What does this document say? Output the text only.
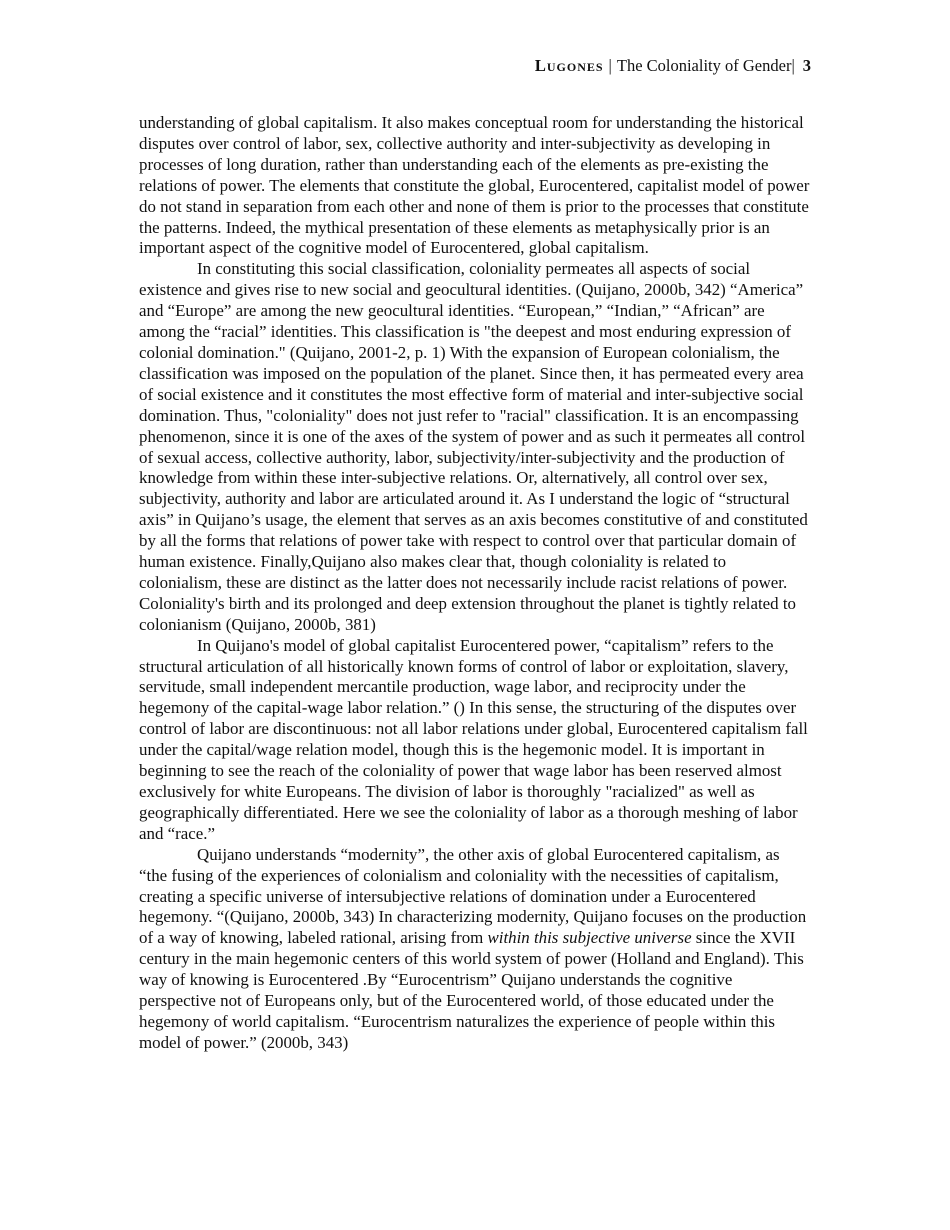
Lugones | The Coloniality of Gender| 3

understanding of global capitalism. It also makes conceptual room for understanding the historical disputes over control of labor, sex, collective authority and inter-subjectivity as developing in processes of long duration, rather than understanding each of the elements as pre-existing the relations of power. The elements that constitute the global, Eurocentered, capitalist model of power do not stand in separation from each other and none of them is prior to the processes that constitute the patterns. Indeed, the mythical presentation of these elements as metaphysically prior is an important aspect of the cognitive model of Eurocentered, global capitalism.

In constituting this social classification, coloniality permeates all aspects of social existence and gives rise to new social and geocultural identities. (Quijano, 2000b, 342) “America” and “Europe” are among the new geocultural identities. “European,” “Indian,” “African” are among the “racial” identities. This classification is "the deepest and most enduring expression of colonial domination." (Quijano, 2001-2, p. 1) With the expansion of European colonialism, the classification was imposed on the population of the planet. Since then, it has permeated every area of social existence and it constitutes the most effective form of material and inter-subjective social domination. Thus, "coloniality" does not just refer to "racial" classification. It is an encompassing phenomenon, since it is one of the axes of the system of power and as such it permeates all control of sexual access, collective authority, labor, subjectivity/inter-subjectivity and the production of knowledge from within these inter-subjective relations. Or, alternatively, all control over sex, subjectivity, authority and labor are articulated around it. As I understand the logic of “structural axis” in Quijano’s usage, the element that serves as an axis becomes constitutive of and constituted by all the forms that relations of power take with respect to control over that particular domain of human existence. Finally,Quijano also makes clear that, though coloniality is related to colonialism, these are distinct as the latter does not necessarily include racist relations of power. Coloniality's birth and its prolonged and deep extension throughout the planet is tightly related to colonianism (Quijano, 2000b, 381)

In Quijano's model of global capitalist Eurocentered power, “capitalism” refers to the structural articulation of all historically known forms of control of labor or exploitation, slavery, servitude, small independent mercantile production, wage labor, and reciprocity under the hegemony of the capital-wage labor relation.” () In this sense, the structuring of the disputes over control of labor are discontinuous: not all labor relations under global, Eurocentered capitalism fall under the capital/wage relation model, though this is the hegemonic model. It is important in beginning to see the reach of the coloniality of power that wage labor has been reserved almost exclusively for white Europeans. The division of labor is thoroughly "racialized" as well as geographically differentiated. Here we see the coloniality of labor as a thorough meshing of labor and “race.”

Quijano understands “modernity”, the other axis of global Eurocentered capitalism, as “the fusing of the experiences of colonialism and coloniality with the necessities of capitalism, creating a specific universe of intersubjective relations of domination under a Eurocentered hegemony. “(Quijano, 2000b, 343) In characterizing modernity, Quijano focuses on the production of a way of knowing, labeled rational, arising from within this subjective universe since the XVII century in the main hegemonic centers of this world system of power (Holland and England). This way of knowing is Eurocentered .By “Eurocentrism” Quijano understands the cognitive perspective not of Europeans only, but of the Eurocentered world, of those educated under the hegemony of world capitalism. “Eurocentrism naturalizes the experience of people within this model of power.” (2000b, 343)
